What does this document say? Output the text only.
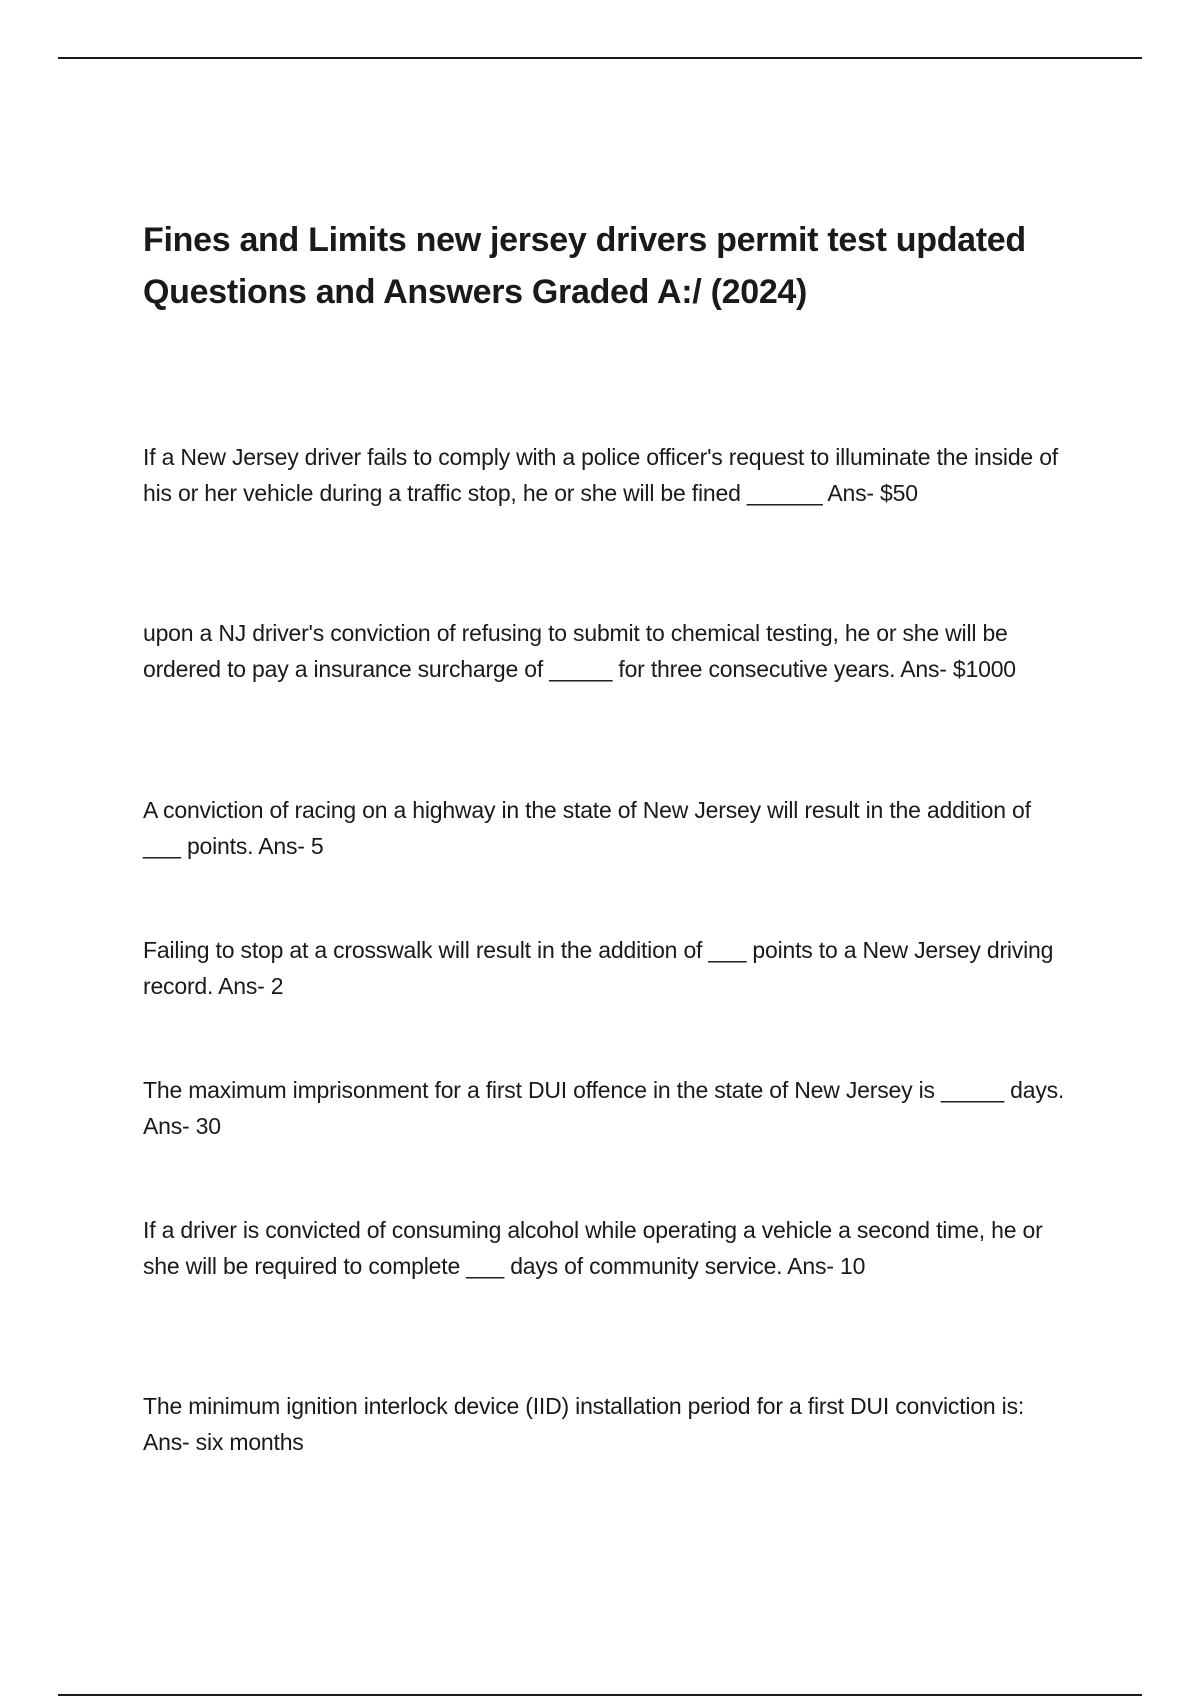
Fines and Limits new jersey drivers permit test updated Questions and Answers Graded A:/ (2024)

If a New Jersey driver fails to comply with a police officer's request to illuminate the inside of his or her vehicle during a traffic stop, he or she will be fined ______ Ans- $50

upon a NJ driver's conviction of refusing to submit to chemical testing, he or she will be ordered to pay a insurance surcharge of _____ for three consecutive years. Ans- $1000

A conviction of racing on a highway in the state of New Jersey will result in the addition of ___ points. Ans- 5

Failing to stop at a crosswalk will result in the addition of ___ points to a New Jersey driving record. Ans- 2

The maximum imprisonment for a first DUI offence in the state of New Jersey is _____ days. Ans- 30

If a driver is convicted of consuming alcohol while operating a vehicle a second time, he or she will be required to complete ___ days of community service. Ans- 10

The minimum ignition interlock device (IID) installation period for a first DUI conviction is: Ans- six months
